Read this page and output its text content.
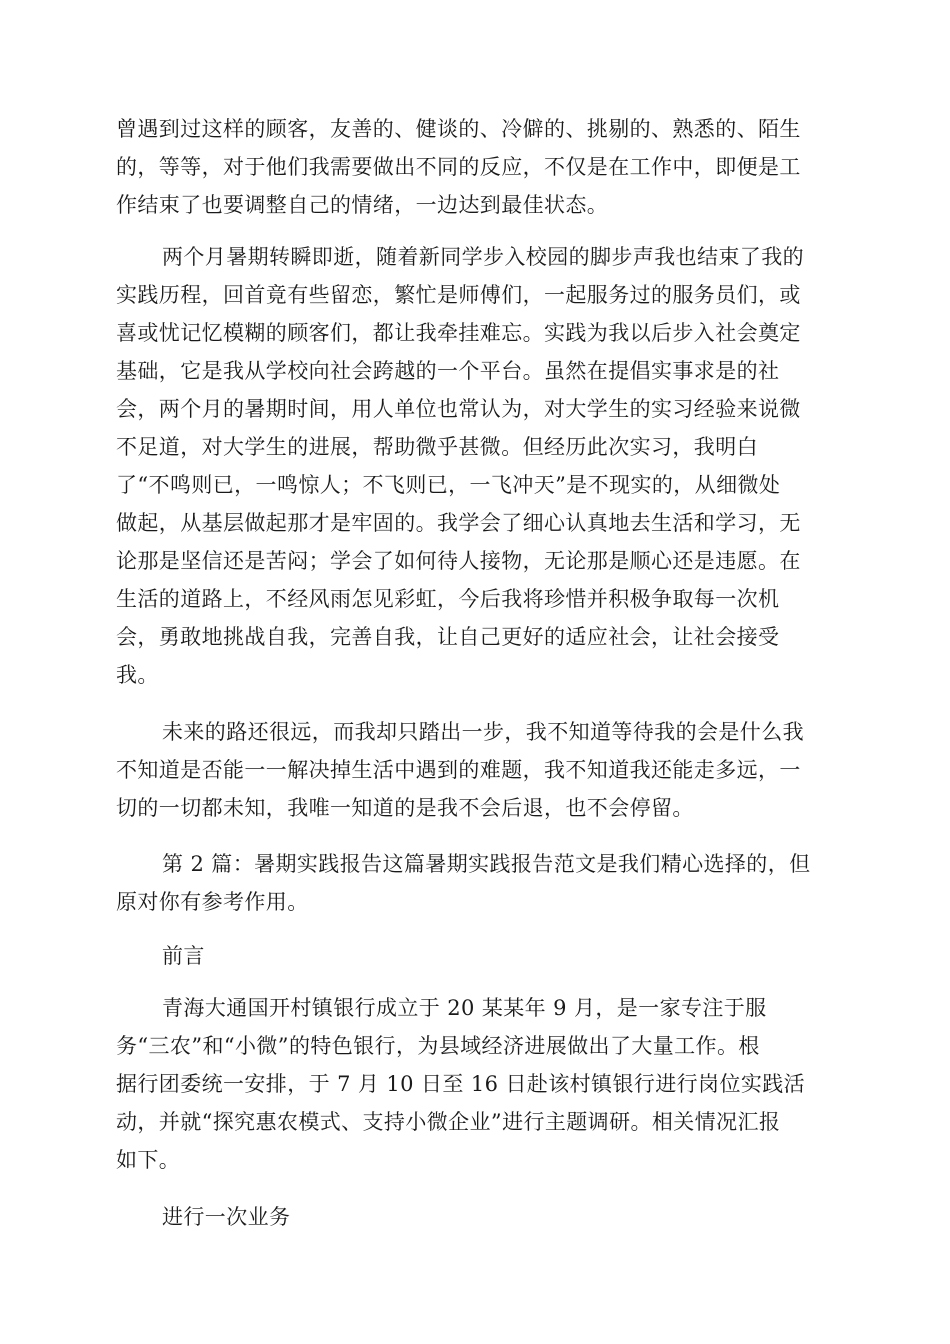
曾遇到过这样的顾客，友善的、健谈的、冷僻的、挑剔的、熟悉的、陌生
的，等等，对于他们我需要做出不同的反应，不仅是在工作中，即便是工
作结束了也要调整自己的情绪，一边达到最佳状态。
两个月暑期转瞬即逝，随着新同学步入校园的脚步声我也结束了我的
实践历程，回首竟有些留恋，繁忙是师傅们，一起服务过的服务员们，或
喜或忧记忆模糊的顾客们，都让我牵挂难忘。实践为我以后步入社会奠定
基础，它是我从学校向社会跨越的一个平台。虽然在提倡实事求是的社
会，两个月的暑期时间，用人单位也常认为，对大学生的实习经验来说微
不足道，对大学生的进展，帮助微乎甚微。但经历此次实习，我明白
了“不鸣则已，一鸣惊人；不飞则已，一飞冲天”是不现实的，从细微处
做起，从基层做起那才是牢固的。我学会了细心认真地去生活和学习，无
论那是坚信还是苦闷；学会了如何待人接物，无论那是顺心还是违愿。在
生活的道路上，不经风雨怎见彩虹，今后我将珍惜并积极争取每一次机
会，勇敢地挑战自我，完善自我，让自己更好的适应社会，让社会接受
我。
未来的路还很远，而我却只踏出一步，我不知道等待我的会是什么我
不知道是否能一一解决掉生活中遇到的难题，我不知道我还能走多远，一
切的一切都未知，我唯一知道的是我不会后退，也不会停留。
第 2 篇：暑期实践报告这篇暑期实践报告范文是我们精心选择的，但
原对你有参考作用。
前言
青海大通国开村镇银行成立于 20 某某年 9 月，是一家专注于服
务“三农”和“小微”的特色银行，为县域经济进展做出了大量工作。根
据行团委统一安排，于 7 月 10 日至 16 日赴该村镇银行进行岗位实践活
动，并就“探究惠农模式、支持小微企业”进行主题调研。相关情况汇报
如下。
进行一次业务
